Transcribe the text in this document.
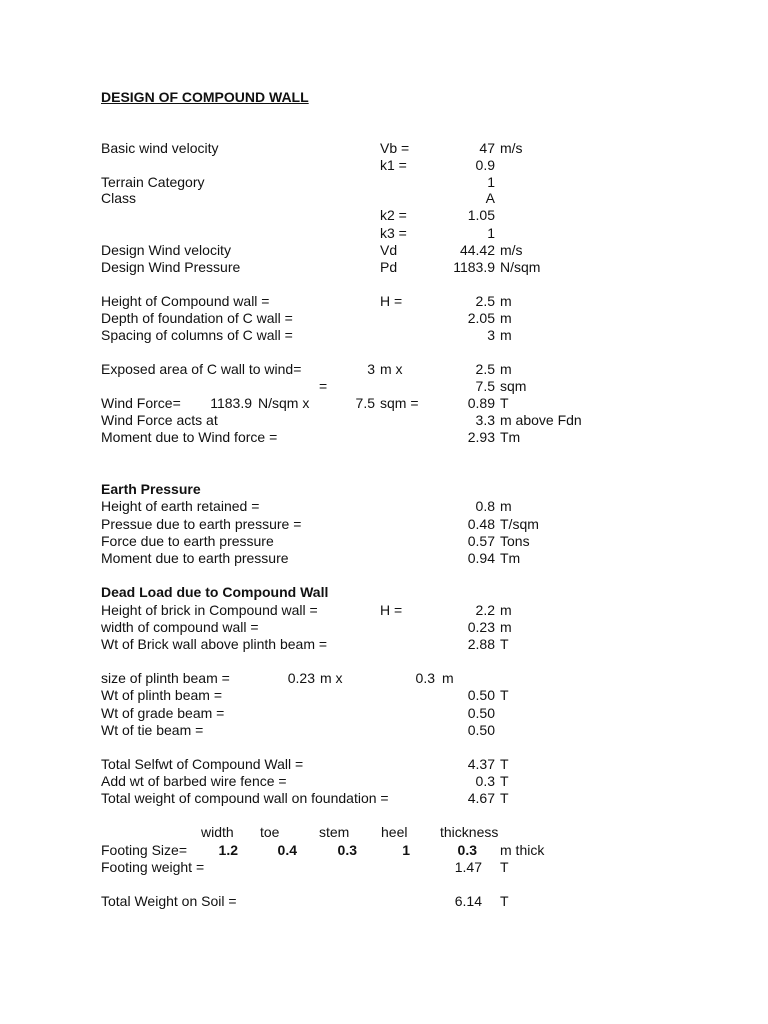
DESIGN OF COMPOUND WALL
Basic wind velocity	Vb =	47 m/s
k1 =	0.9
Terrain Category	1
Class	A
k2 =	1.05
k3 =	1
Design Wind velocity	Vd	44.42 m/s
Design Wind Pressure	Pd	1183.9 N/sqm
Height of Compound wall =	H =	2.5 m
Depth of foundation of C wall =	2.05 m
Spacing of columns of C wall =	3 m
Exposed area of C wall to wind=	3 m x	2.5 m
=	7.5 sqm
Wind Force=	1183.9 N/sqm x	7.5 sqm =	0.89 T
Wind Force acts at	3.3 m above Fdn
Moment due to Wind force =	2.93 Tm
Earth Pressure
Height of earth retained =	0.8 m
Pressue due to earth pressure =	0.48 T/sqm
Force due to earth pressure	0.57 Tons
Moment due to earth pressure	0.94 Tm
Dead Load due to Compound Wall
Height of brick in Compound wall =	H =	2.2 m
width of compound wall =	0.23 m
Wt of Brick wall above plinth beam =	2.88 T
size of plinth beam =	0.23 m x	0.3 m
Wt of plinth beam =	0.50 T
Wt of grade beam =	0.50
Wt of tie beam =	0.50
Total Selfwt of Compound Wall =	4.37 T
Add wt of barbed wire fence =	0.3 T
Total weight of compound wall on foundation =	4.67 T
width toe	stem heel thickness
Footing Size=	1.2	0.4	0.3	1	0.3 m thick
Footing weight =	1.47 T
Total Weight on Soil =	6.14 T
